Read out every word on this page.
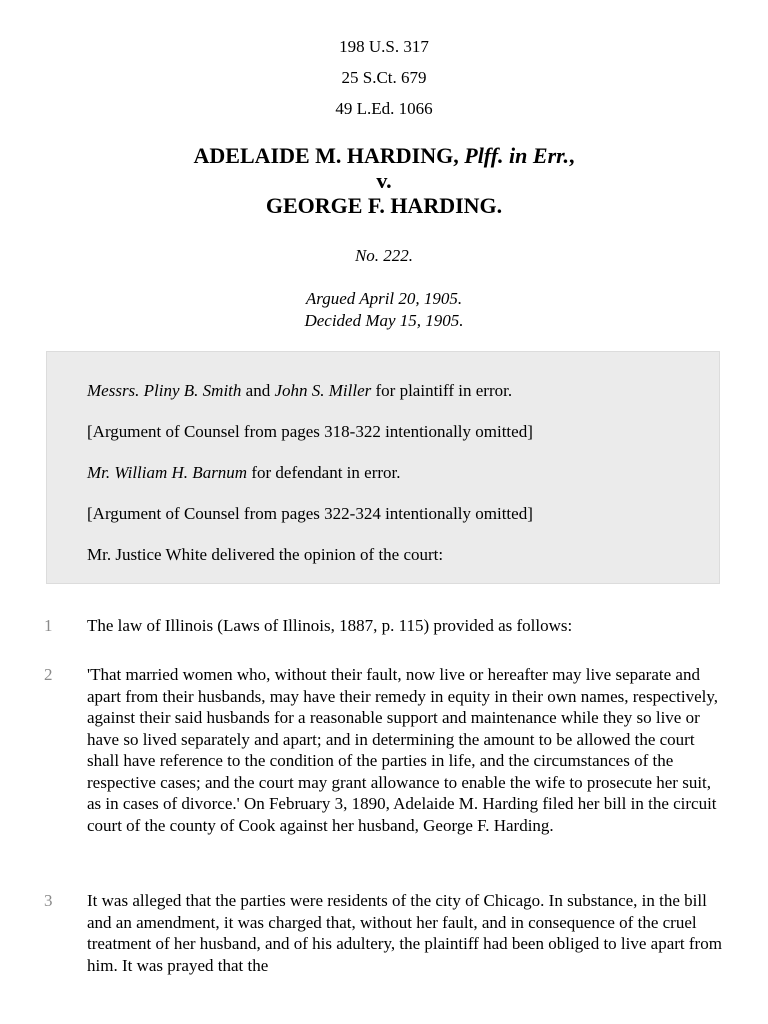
198 U.S. 317
25 S.Ct. 679
49 L.Ed. 1066
ADELAIDE M. HARDING, Plff. in Err.,
v.
GEORGE F. HARDING.
No. 222.
Argued April 20, 1905.
Decided May 15, 1905.

Messrs. Pliny B. Smith and John S. Miller for plaintiff in error.

[Argument of Counsel from pages 318-322 intentionally omitted]

Mr. William H. Barnum for defendant in error.

[Argument of Counsel from pages 322-324 intentionally omitted]

Mr. Justice White delivered the opinion of the court:

1	The law of Illinois (Laws of Illinois, 1887, p. 115) provided as follows:

2	'That married women who, without their fault, now live or hereafter may live separate and apart from their husbands, may have their remedy in equity in their own names, respectively, against their said husbands for a reasonable support and maintenance while they so live or have so lived separately and apart; and in determining the amount to be allowed the court shall have reference to the condition of the parties in life, and the circumstances of the respective cases; and the court may grant allowance to enable the wife to prosecute her suit, as in cases of divorce.' On February 3, 1890, Adelaide M. Harding filed her bill in the circuit court of the county of Cook against her husband, George F. Harding.

3	It was alleged that the parties were residents of the city of Chicago. In substance, in the bill and an amendment, it was charged that, without her fault, and in consequence of the cruel treatment of her husband, and of his adultery, the plaintiff had been obliged to live apart from him. It was prayed that the
